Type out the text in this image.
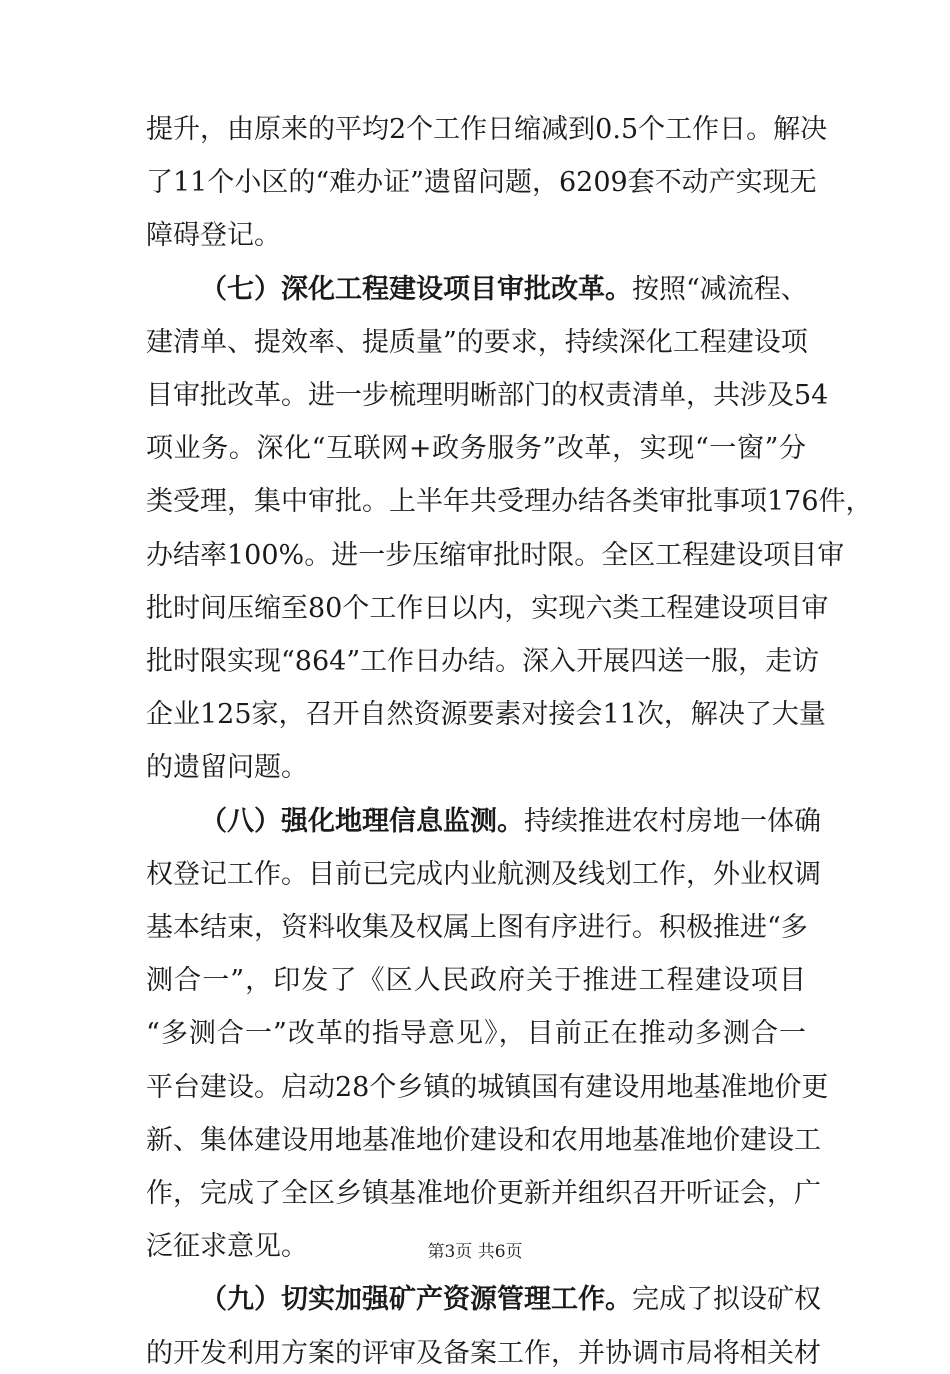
提升，由原来的平均2个工作日缩减到0.5个工作日。解决
了11个小区的“难办证”遗留问题，6209套不动产实现无
障碍登记。
（七）深化工程建设项目审批改革。按照“减流程、
建清单、提效率、提质量”的要求，持续深化工程建设项
目审批改革。进一步梳理明晰部门的权责清单，共涉及54
项业务。深化“互联网+政务服务”改革，实现“一窗”分
类受理，集中审批。上半年共受理办结各类审批事项176件，
办结率100%。进一步压缩审批时限。全区工程建设项目审
批时间压缩至80个工作日以内，实现六类工程建设项目审
批时限实现“864”工作日办结。深入开展四送一服，走访
企业125家，召开自然资源要素对接会11次，解决了大量
的遗留问题。
（八）强化地理信息监测。持续推进农村房地一体确
权登记工作。目前已完成内业航测及线划工作，外业权调
基本结束，资料收集及权属上图有序进行。积极推进“多
测合一”，印发了《区人民政府关于推进工程建设项目
“多测合一”改革的指导意见》，目前正在推动多测合一
平台建设。启动28个乡镇的城镇国有建设用地基准地价更
新、集体建设用地基准地价建设和农用地基准地价建设工
作，完成了全区乡镇基准地价更新并组织召开听证会，广
泛征求意见。
（九）切实加强矿产资源管理工作。完成了拟设矿权
的开发利用方案的评审及备案工作，并协调市局将相关材
第3页 共6页
